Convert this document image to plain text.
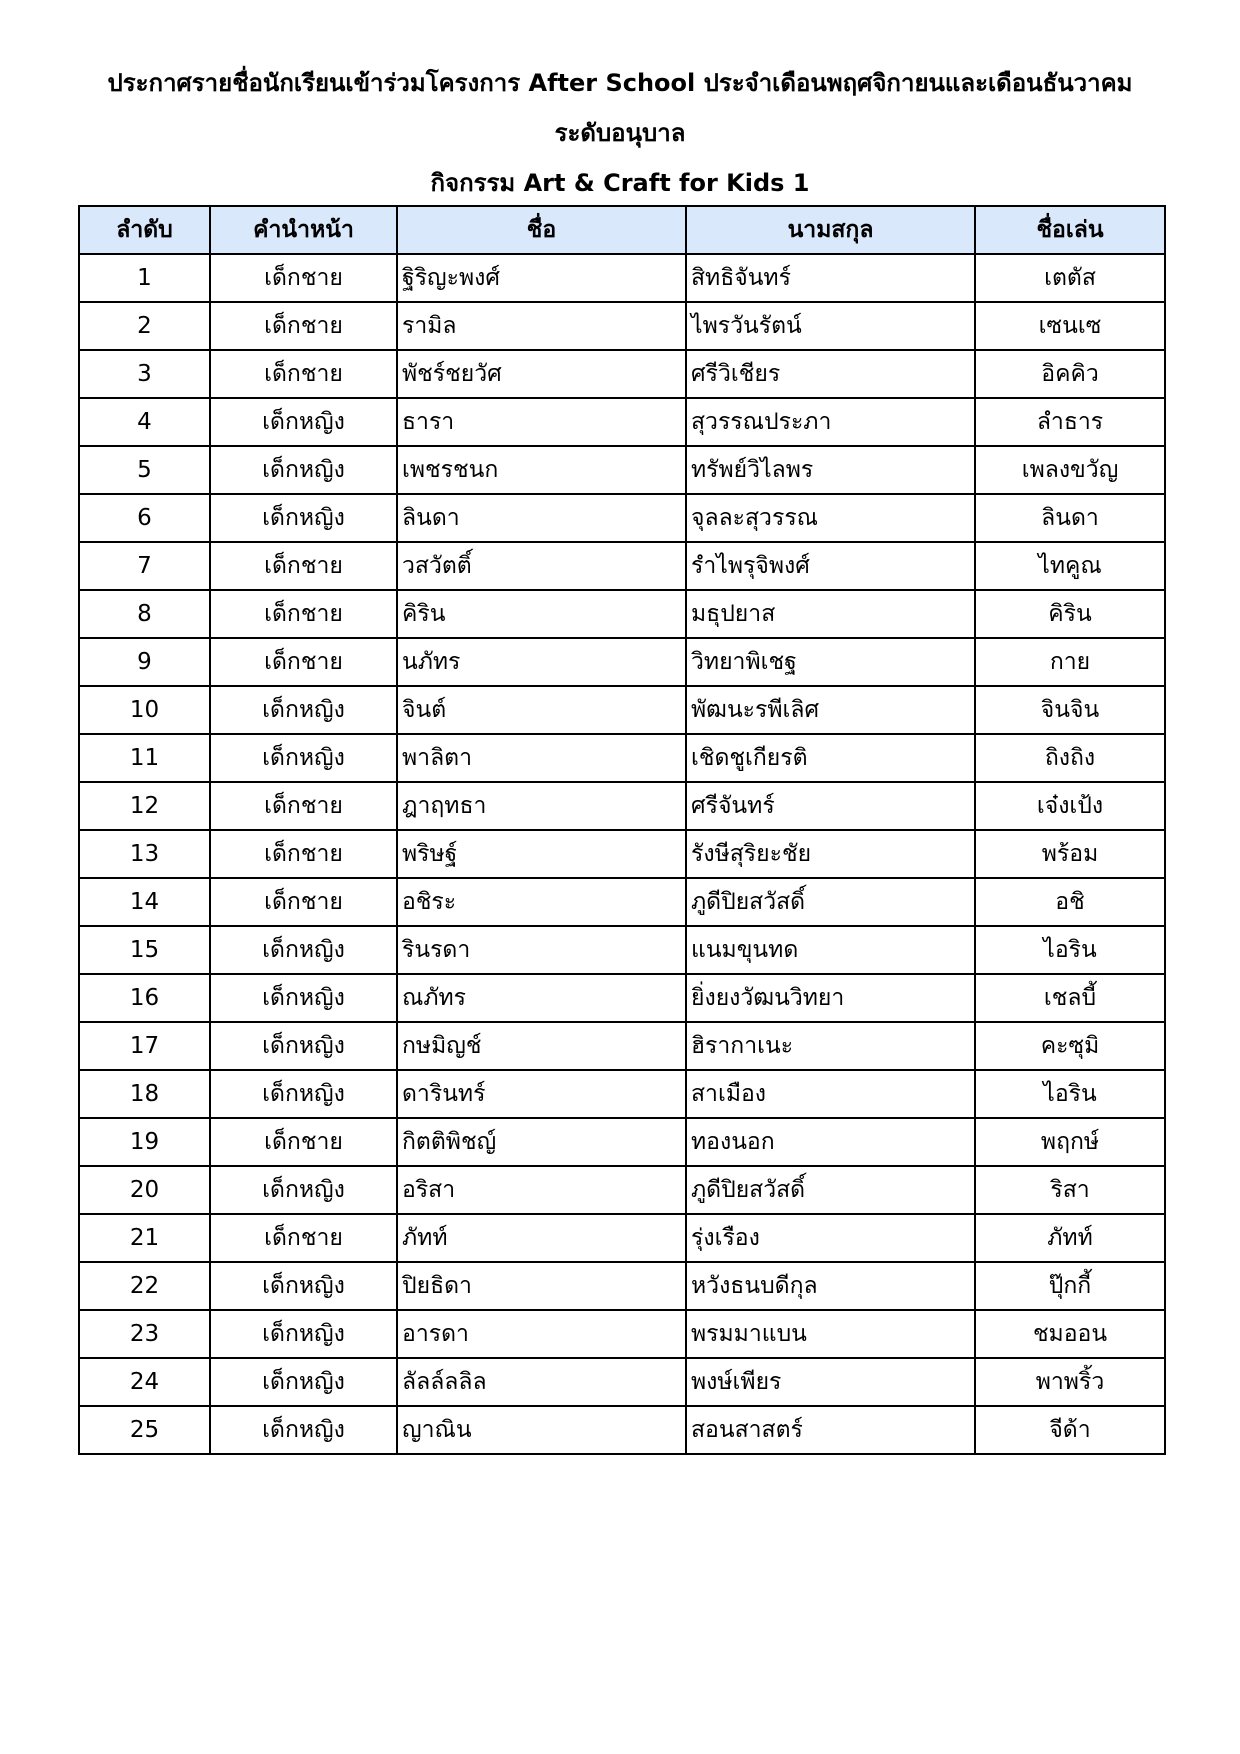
ประกาศรายชื่อนักเรียนเข้าร่วมโครงการ After School ประจำเดือนพฤศจิกายนและเดือนธันวาคม
ระดับอนุบาล
กิจกรรม Art & Craft for Kids 1
ลำดับ	คำนำหน้า	ชื่อ	นามสกุล	ชื่อเล่น
1	เด็กชาย	ฐิริญะพงศ์	สิทธิจันทร์	เตตัส
2	เด็กชาย	รามิล	ไพรวันรัตน์	เซนเซ
3	เด็กชาย	พัชร์ชยวัศ	ศรีวิเชียร	อิคคิว
4	เด็กหญิง	ธารา	สุวรรณประภา	ลำธาร
5	เด็กหญิง	เพชรชนก	ทรัพย์วิไลพร	เพลงขวัญ
6	เด็กหญิง	ลินดา	จุลละสุวรรณ	ลินดา
7	เด็กชาย	วสวัตติ์	รำไพรุจิพงศ์	ไทคูณ
8	เด็กชาย	คิริน	มธุปยาส	คิริน
9	เด็กชาย	นภัทร	วิทยาพิเชฐ	กาย
10	เด็กหญิง	จินต์	พัฒนะรพีเลิศ	จินจิน
11	เด็กหญิง	พาลิตา	เชิดชูเกียรติ	ถิงถิง
12	เด็กชาย	ฎาฤทธา	ศรีจันทร์	เจ๋งเป้ง
13	เด็กชาย	พริษฐ์	รังษีสุริยะชัย	พร้อม
14	เด็กชาย	อชิระ	ภูดีปิยสวัสดิ์	อชิ
15	เด็กหญิง	รินรดา	แนมขุนทด	ไอริน
16	เด็กหญิง	ณภัทร	ยิ่งยงวัฒนวิทยา	เชลบี้
17	เด็กหญิง	กษมิญช์	ฮิรากาเนะ	คะซุมิ
18	เด็กหญิง	ดารินทร์	สาเมือง	ไอริน
19	เด็กชาย	กิตติพิชญ์	ทองนอก	พฤกษ์
20	เด็กหญิง	อริสา	ภูดีปิยสวัสดิ์	ริสา
21	เด็กชาย	ภัทท์	รุ่งเรือง	ภัทท์
22	เด็กหญิง	ปิยธิดา	หวังธนบดีกุล	ปุ๊กกี้
23	เด็กหญิง	อารดา	พรมมาแบน	ชมออน
24	เด็กหญิง	ลัลล์ลลิล	พงษ์เพียร	พาพริ้ว
25	เด็กหญิง	ญาณิน	สอนสาสตร์	จีด้า
